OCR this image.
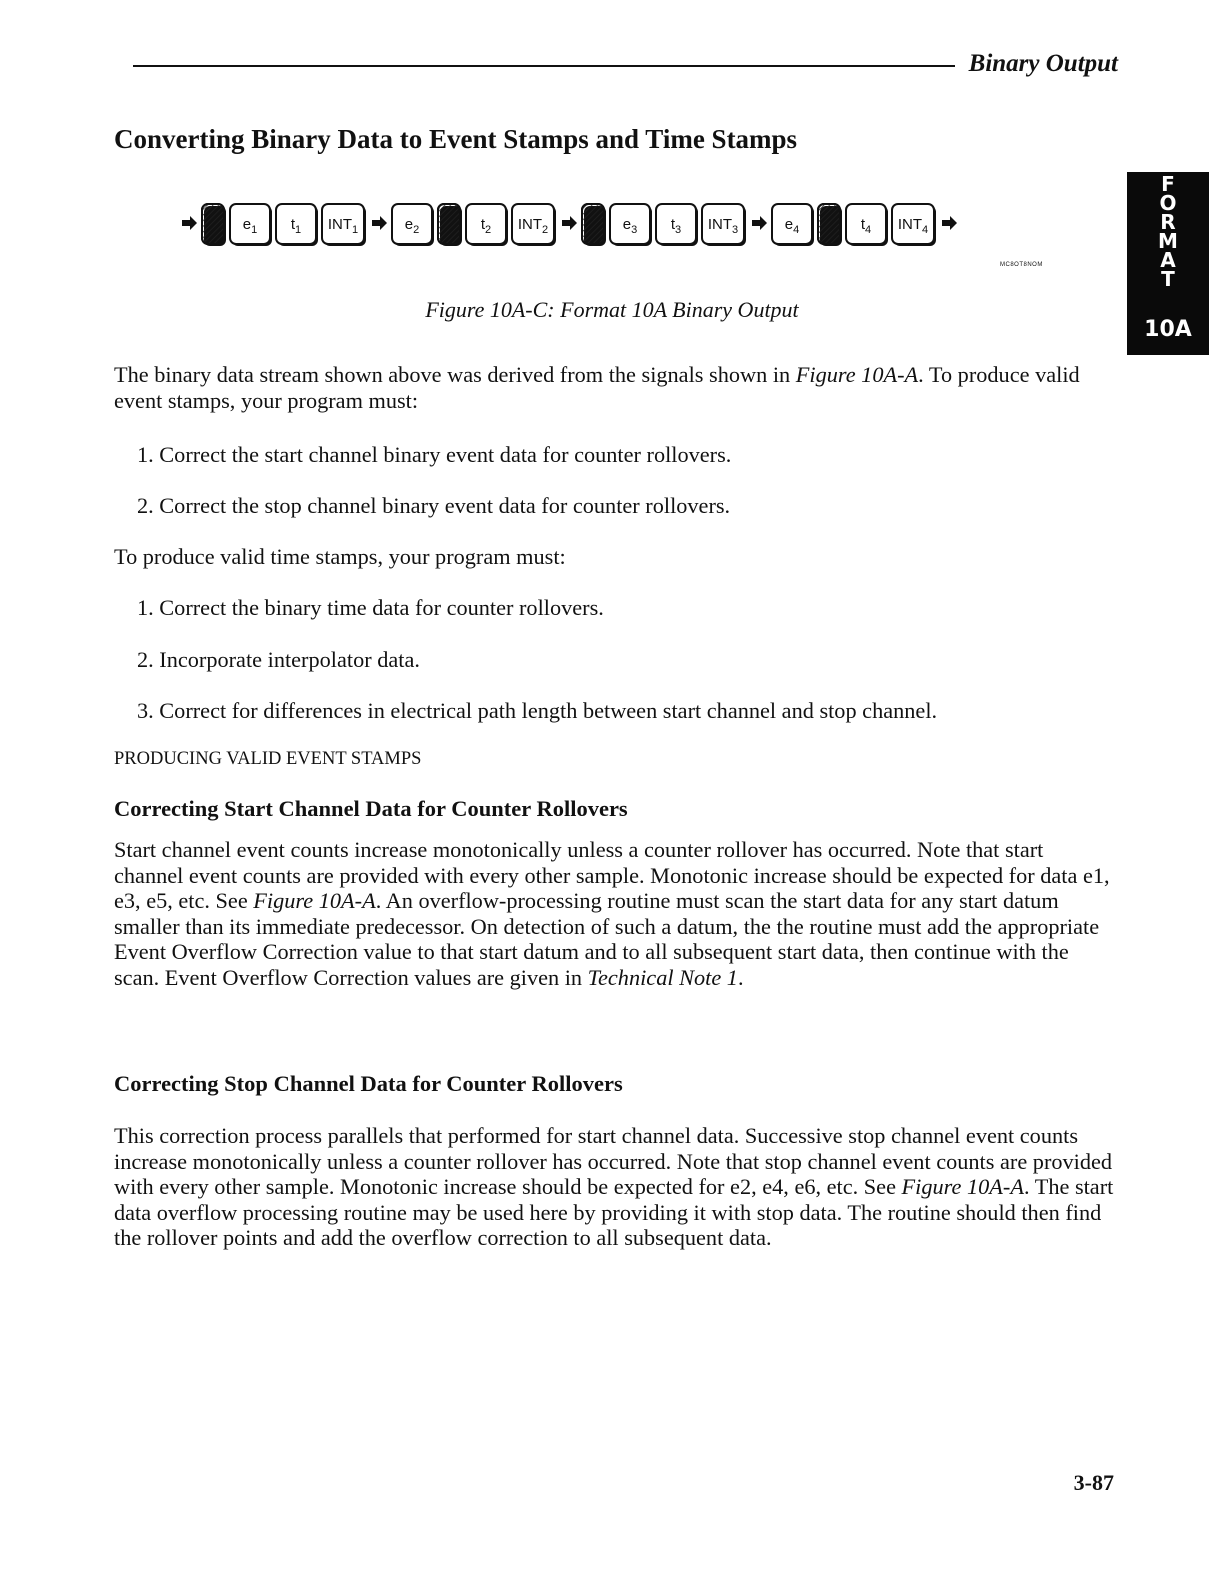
Binary Output
Converting Binary Data to Event Stamps and Time Stamps
$e_1$ $t_1$ $INT_1$	$e_2$	$t_2$ $INT_2$	$e_3$ $t_3$ $INT_3$	$e_4$	$t_4$ $INT_4$
MC8OT8NOM
Figure 10A-C: Format 10A Binary Output
F
O
R
M
A
T
10A
The binary data stream shown above was derived from the signals shown in Figure 10A-A. To produce valid event stamps, your program must:
1. Correct the start channel binary event data for counter rollovers.
2. Correct the stop channel binary event data for counter rollovers.
To produce valid time stamps, your program must:
1. Correct the binary time data for counter rollovers.
2. Incorporate interpolator data.
3. Correct for differences in electrical path length between start channel and stop channel.
PRODUCING VALID EVENT STAMPS
Correcting Start Channel Data for Counter Rollovers
Start channel event counts increase monotonically unless a counter rollover has occurred. Note that start channel event counts are provided with every other sample. Monotonic increase should be expected for data e1, e3, e5, etc. See Figure 10A-A. An overflow-processing routine must scan the start data for any start datum smaller than its immediate predecessor. On detection of such a datum, the the routine must add the appropriate Event Overflow Correction value to that start datum and to all subsequent start data, then continue with the scan. Event Overflow Correction values are given in Technical Note 1.
Correcting Stop Channel Data for Counter Rollovers
This correction process parallels that performed for start channel data. Successive stop channel event counts increase monotonically unless a counter rollover has occurred. Note that stop channel event counts are provided with every other sample. Monotonic increase should be expected for e2, e4, e6, etc. See Figure 10A-A. The start data overflow processing routine may be used here by providing it with stop data. The routine should then find the rollover points and add the overflow correction to all subsequent data.
3-87
